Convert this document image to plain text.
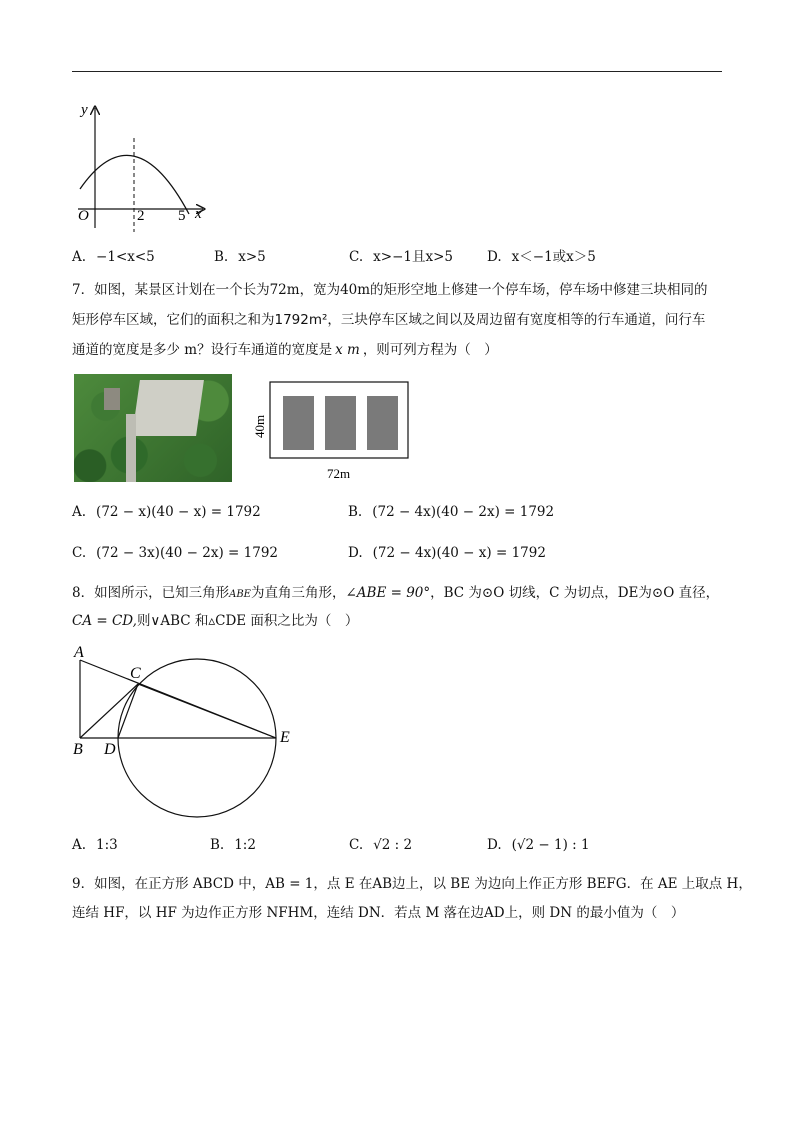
y
x
O	2 5
A. −1<x<5	B. x>5	C. x>−1且x>5	D. x＜−1或x＞5
7．如图，某景区计划在一个长为72m，宽为40m的矩形空地上修建一个停车场，停车场中修建三块相同的
矩形停车区域，它们的面积之和为1792m²，三块停车区域之间以及周边留有宽度相等的行车通道，问行车
通道的宽度是多少 m？设行车通道的宽度是 x m ，则可列方程为（　）
40m
72m
A. (72 − x)(40 − x) = 1792	B. (72 − 4x)(40 − 2x) = 1792
C. (72 − 3x)(40 − 2x) = 1792	D. (72 − 4x)(40 − x) = 1792
8．如图所示，已知三角形ABE为直角三角形，∠ABE = 90°，BC 为⊙O 切线，C 为切点，DE为⊙O 直径，
CA = CD,则∨ABC 和▵CDE 面积之比为（　）
A
B
C
D
E
A. 1:3	B. 1:2	C. √2 : 2	D. (√2 − 1) : 1
9．如图，在正方形 ABCD 中，AB = 1，点 E 在AB边上，以 BE 为边向上作正方形 BEFG．在 AE 上取点 H，
连结 HF，以 HF 为边作正方形 NFHM，连结 DN．若点 M 落在边AD上，则 DN 的最小值为（　）
